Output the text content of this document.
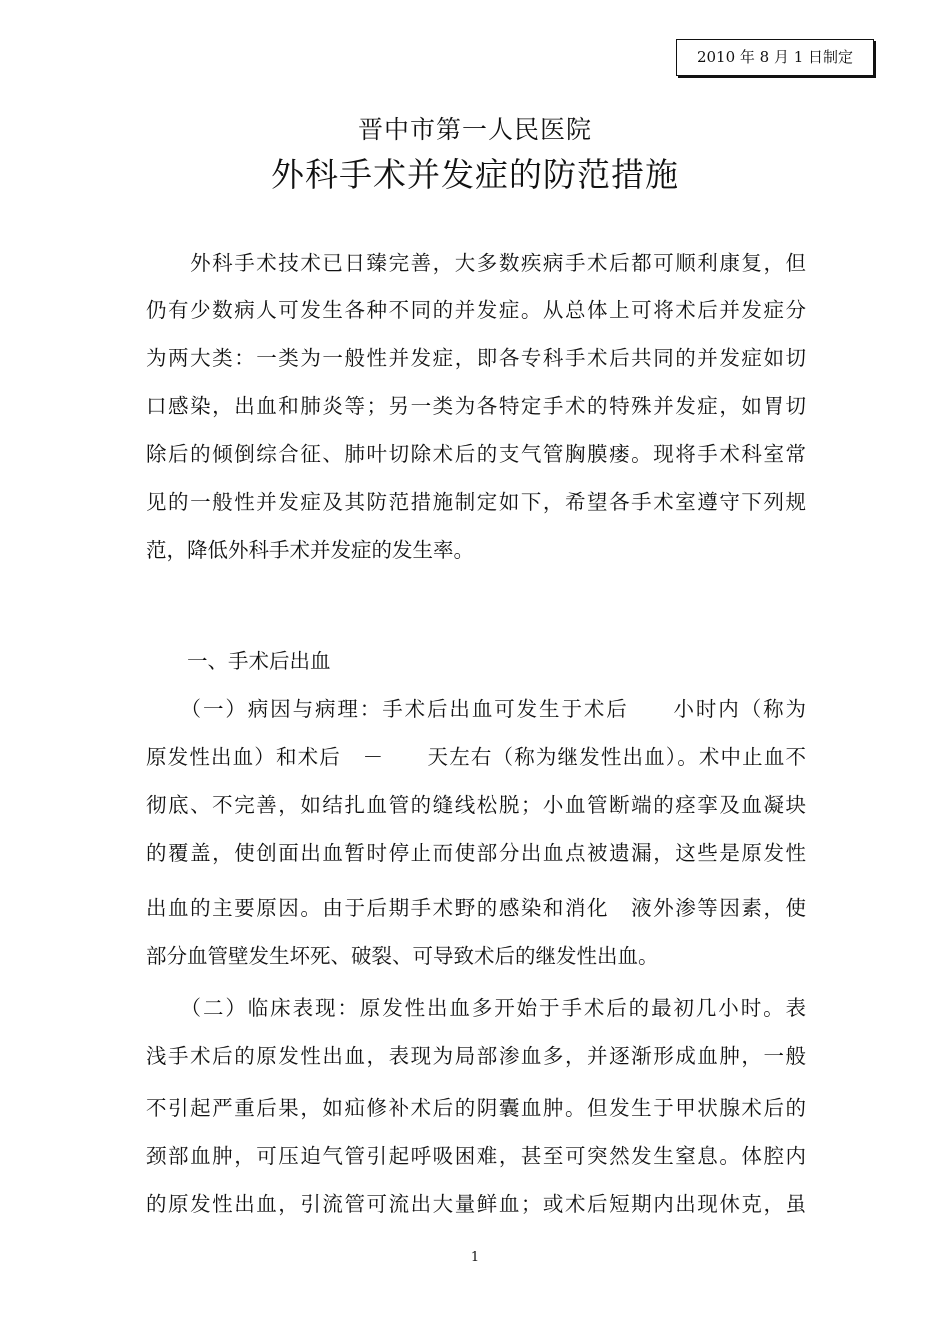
2010 年 8 月 1 日制定
晋中市第一人民医院
外科手术并发症的防范措施
　　外科手术技术已日臻完善，大多数疾病手术后都可顺利康复，但
仍有少数病人可发生各种不同的并发症。从总体上可将术后并发症分
为两大类：一类为一般性并发症，即各专科手术后共同的并发症如切
口感染，出血和肺炎等；另一类为各特定手术的特殊并发症，如胃切
除后的倾倒综合征、肺叶切除术后的支气管胸膜瘘。现将手术科室常
见的一般性并发症及其防范措施制定如下，希望各手术室遵守下列规
范，降低外科手术并发症的发生率。
　　一、手术后出血
　　（一）病因与病理：手术后出血可发生于术后　　小时内（称为
原发性出血）和术后　－　　天左右（称为继发性出血）。术中止血不
彻底、不完善，如结扎血管的缝线松脱；小血管断端的痉挛及血凝块
的覆盖，使创面出血暂时停止而使部分出血点被遗漏，这些是原发性
出血的主要原因。由于后期手术野的感染和消化　液外渗等因素，使
部分血管壁发生坏死、破裂、可导致术后的继发性出血。
　　（二）临床表现：原发性出血多开始于手术后的最初几小时。表
浅手术后的原发性出血，表现为局部渗血多，并逐渐形成血肿，一般
不引起严重后果，如疝修补术后的阴囊血肿。但发生于甲状腺术后的
颈部血肿，可压迫气管引起呼吸困难，甚至可突然发生窒息。体腔内
的原发性出血，引流管可流出大量鲜血；或术后短期内出现休克，虽
1
